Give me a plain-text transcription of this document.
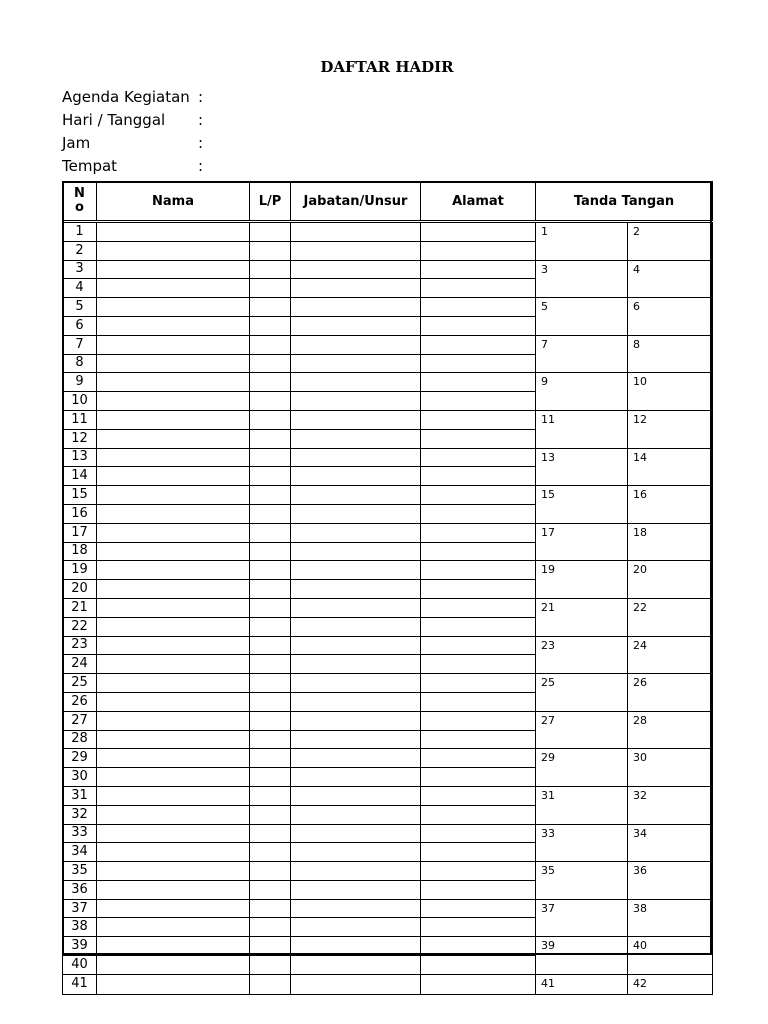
DAFTAR HADIR
Agenda Kegiatan :
Hari / Tanggal :
Jam	:
Tempat	:
No	Nama	L/P	Jabatan/Unsur	Alamat	Tanda Tangan	
1					1	2
2						
3					3	4
4						
5					5	6
6						
7					7	8
8						
9					9	10
10						
11					11	12
12						
13					13	14
14						
15					15	16
16						
17					17	18
18						
19					19	20
20						
21					21	22
22						
23					23	24
24						
25					25	26
26						
27					27	28
28						
29					29	30
30						
31					31	32
32						
33					33	34
34						
35					35	36
36						
37					37	38
38						
39					39	40
40						
41					41	42
